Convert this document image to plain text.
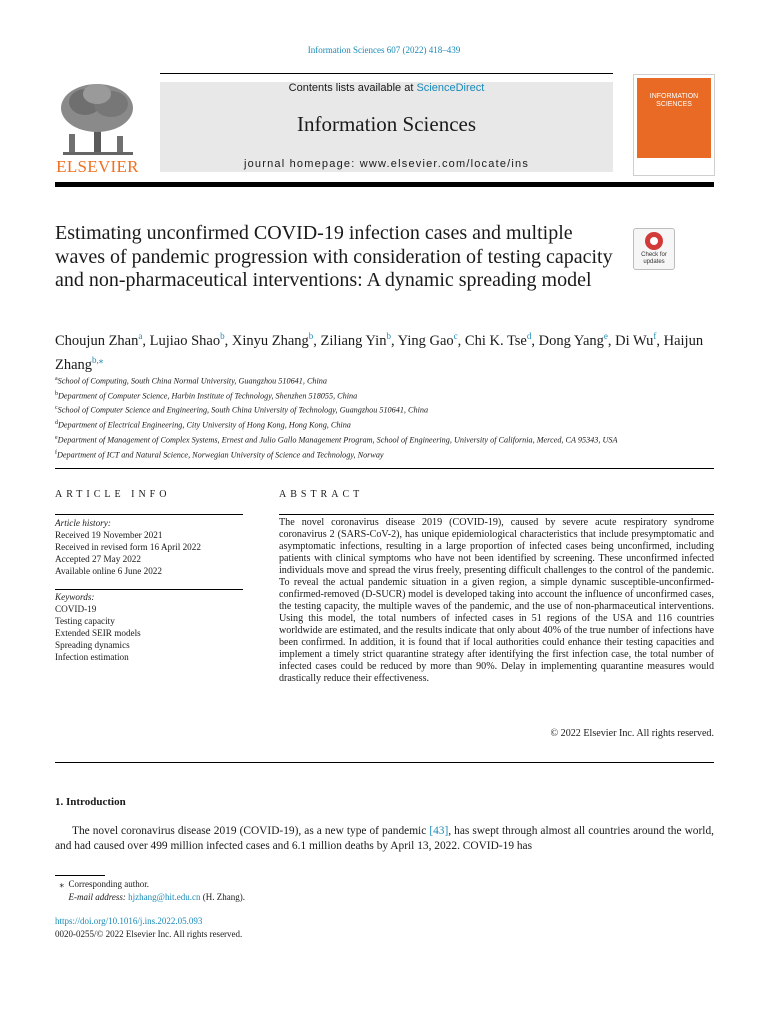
Information Sciences 607 (2022) 418–439
ELSEVIER
Contents lists available at ScienceDirect
Information Sciences
journal homepage: www.elsevier.com/locate/ins
INFORMATION SCIENCES
Estimating unconfirmed COVID-19 infection cases and multiple waves of pandemic progression with consideration of testing capacity and non-pharmaceutical interventions: A dynamic spreading model
Check for updates
Choujun Zhan$^a$, Lujiao Shao$^b$, Xinyu Zhang$^b$, Ziliang Yin$^b$, Ying Gao$^c$, Chi K. Tse$^d$, Dong Yang$^e$, Di Wu$^f$, Haijun Zhang$^{b,⁎}$
$^a$School of Computing, South China Normal University, Guangzhou 510641, China
$^b$Department of Computer Science, Harbin Institute of Technology, Shenzhen 518055, China
$^c$School of Computer Science and Engineering, South China University of Technology, Guangzhou 510641, China
$^d$Department of Electrical Engineering, City University of Hong Kong, Hong Kong, China
$^e$Department of Management of Complex Systems, Ernest and Julio Gallo Management Program, School of Engineering, University of California, Merced, CA 95343, USA
$^f$Department of ICT and Natural Science, Norwegian University of Science and Technology, Norway
ARTICLE INFO
Article history:
Received 19 November 2021
Received in revised form 16 April 2022
Accepted 27 May 2022
Available online 6 June 2022
Keywords:
COVID-19
Testing capacity
Extended SEIR models
Spreading dynamics
Infection estimation
ABSTRACT
The novel coronavirus disease 2019 (COVID-19), caused by severe acute respiratory syndrome coronavirus 2 (SARS-CoV-2), has unique epidemiological characteristics that include presymptomatic and asymptomatic infections, resulting in a large proportion of infected cases being unconfirmed, including patients with clinical symptoms who have not been identified by screening. These unconfirmed infected individuals move and spread the virus freely, presenting difficult challenges to the control of the pandemic. To reveal the actual pandemic situation in a given region, a simple dynamic susceptible-unconfirmed-confirmed-removed (D-SUCR) model is developed taking into account the influence of unconfirmed cases, the testing capacity, the multiple waves of the pandemic, and the use of non-pharmaceutical interventions. Using this model, the total numbers of infected cases in 51 regions of the USA and 116 countries worldwide are estimated, and the results indicate that only about 40% of the true number of infections have been confirmed. In addition, it is found that if local authorities could enhance their testing capacities and implement a timely strict quarantine strategy after identifying the first infection case, the total number of infected cases could be reduced by more than 90%. Delay in implementing quarantine measures would drastically reduce their effectiveness.
© 2022 Elsevier Inc. All rights reserved.
1. Introduction
The novel coronavirus disease 2019 (COVID-19), as a new type of pandemic [43], has swept through almost all countries around the world, and had caused over 499 million infected cases and 6.1 million deaths by April 13, 2022. COVID-19 has
⁎ Corresponding author.
E-mail address: hjzhang@hit.edu.cn (H. Zhang).
https://doi.org/10.1016/j.ins.2022.05.093
0020-0255/© 2022 Elsevier Inc. All rights reserved.
